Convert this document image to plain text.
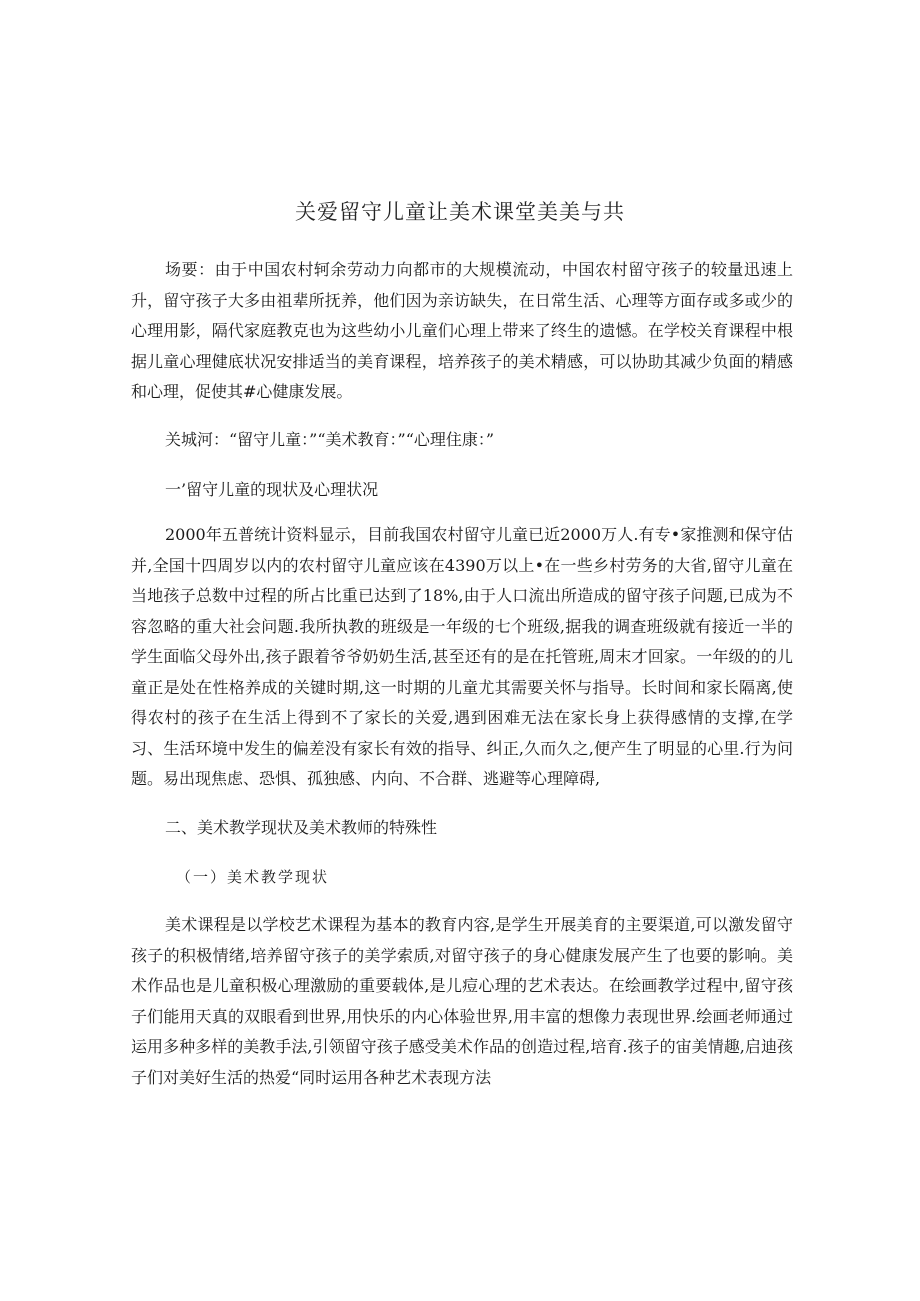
关爱留守儿童让美术课堂美美与共

场要：由于中国农村轲余劳动力向都市的大规模流动，中国农村留守孩子的较量迅速上升，留守孩子大多由祖辈所抚养，他们因为亲访缺失，在日常生活、心理等方面存或多或少的心理用影，隔代家庭教克也为这些幼小儿童们心理上带来了终生的遗憾。在学校关育课程中根据儿童心理健底状况安排适当的美育课程，培养孩子的美术精感，可以协助其减少负面的精感和心理，促使其#心健康发展。

关城河：“留守儿童：”“美术教育：”“心理住康：”

一’留守儿童的现状及心理状况

2000年五普统计资料显示，目前我国农村留守儿童已近2000万人.有专•家推测和保守估并,全国十四周岁以内的农村留守儿童应该在4390万以上•在一些乡村劳务的大省,留守儿童在当地孩子总数中过程的所占比重已达到了18%,由于人口流出所造成的留守孩子问题,已成为不容忽略的重大社会问题.我所执教的班级是一年级的七个班级,据我的调查班级就有接近一半的学生面临父母外出,孩子跟着爷爷奶奶生活,甚至还有的是在托管班,周末才回家。一年级的的儿童正是处在性格养成的关键时期,这一时期的儿童尤其需要关怀与指导。长时间和家长隔离,使得农村的孩子在生活上得到不了家长的关爱,遇到困难无法在家长身上获得感情的支撑,在学习、生活环境中发生的偏差没有家长有效的指导、纠正,久而久之,便产生了明显的心里.行为问题。易出现焦虑、恐惧、孤独感、内向、不合群、逃避等心理障碍,

二、美术教学现状及美术教师的特殊性

（一）美术教学现状

美术课程是以学校艺术课程为基本的教育内容,是学生开展美育的主要渠道,可以激发留守孩子的积极情绪,培养留守孩子的美学索质,对留守孩子的身心健康发展产生了也要的影响。美术作品也是儿童积极心理激励的重要载体,是儿痘心理的艺术表达。在绘画教学过程中,留守孩子们能用天真的双眼看到世界,用快乐的内心体验世界,用丰富的想像力表现世界.绘画老师通过运用多种多样的美教手法,引领留守孩子感受美术作品的创造过程,培育.孩子的宙美情趣,启迪孩子们对美好生活的热爱“同时运用各种艺术表现方法
